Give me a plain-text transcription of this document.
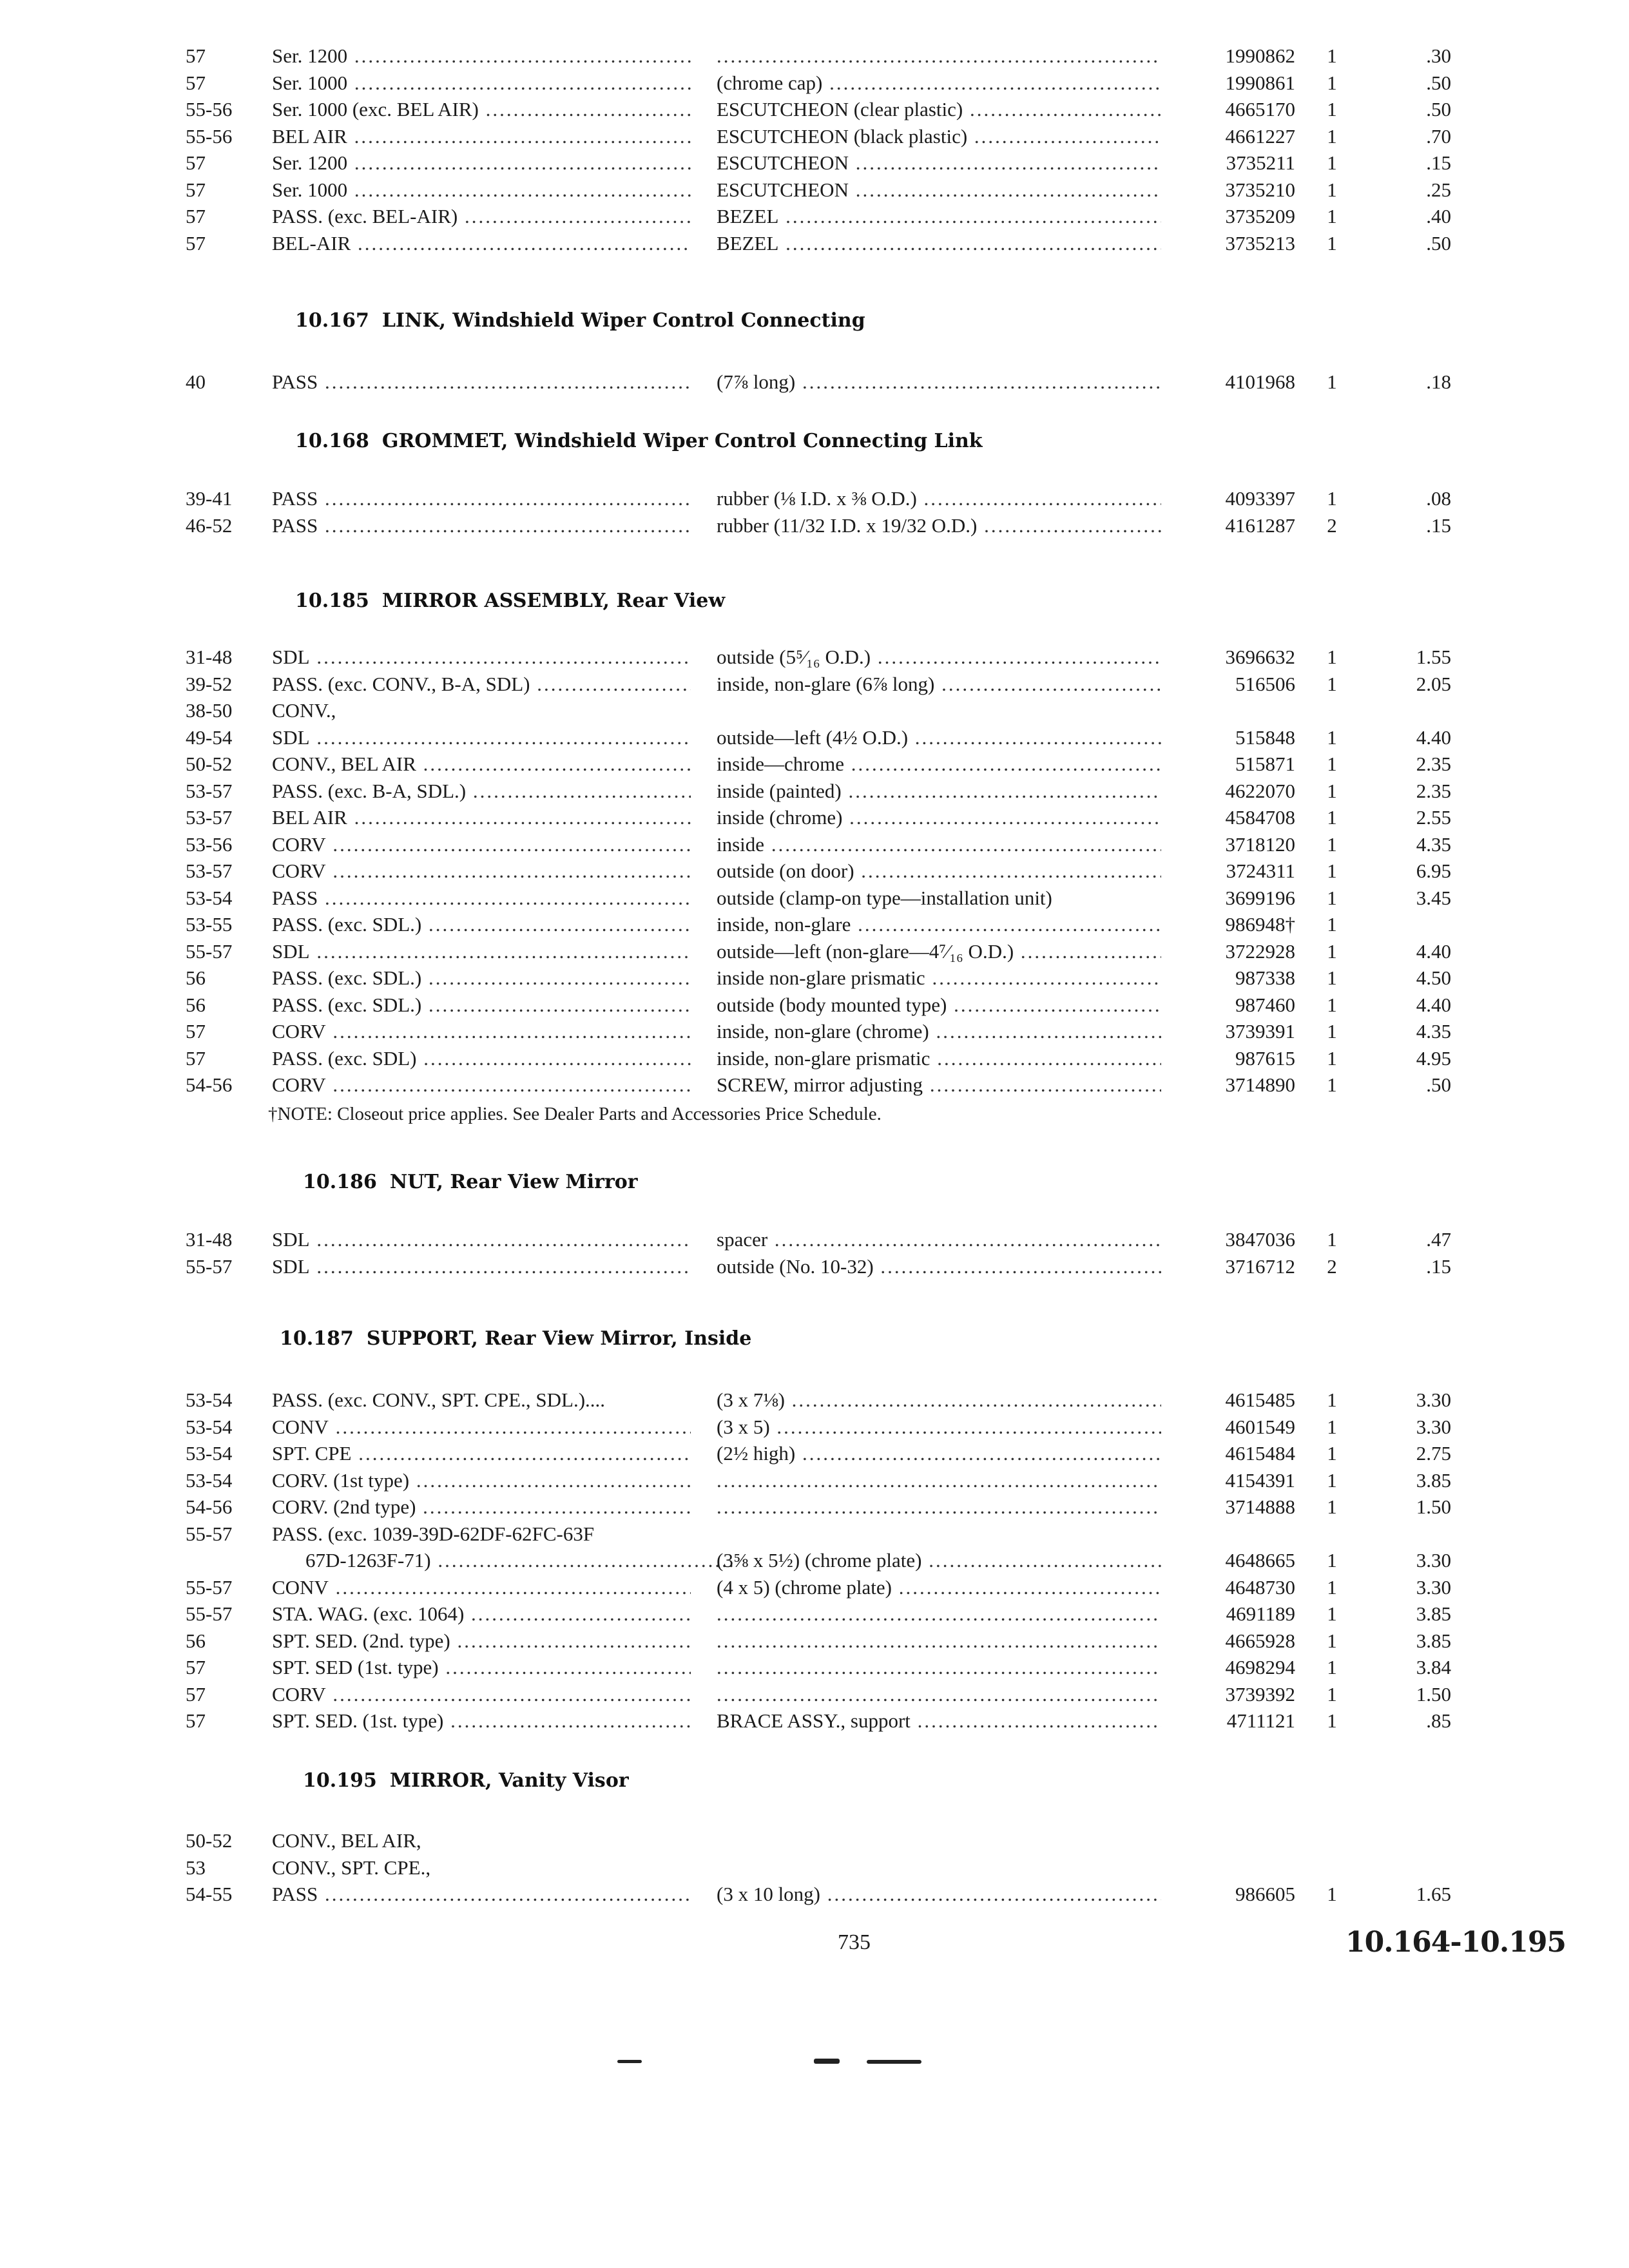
57	Ser. 1200 ..... .....	1990862	1	.30
57	Ser. 1000 .....	(chrome cap) .....	1990861	1	.50
55-56	Ser. 1000 (exc. BEL AIR) .....	ESCUTCHEON (clear plastic) .....	4665170	1	.50
55-56	BEL AIR .....	ESCUTCHEON (black plastic) .....	4661227	1	.70
57	Ser. 1200 .....	ESCUTCHEON .....	3735211	1	.15
57	Ser. 1000 .....	ESCUTCHEON .....	3735210	1	.25
57	PASS. (exc. BEL-AIR) .....	BEZEL .....	3735209	1	.40
57	BEL-AIR .....	BEZEL .....	3735213	1	.50
10.167 LINK, Windshield Wiper Control Connecting
40	PASS .....	(7⅞ long) .....	4101968	1	.18
10.168 GROMMET, Windshield Wiper Control Connecting Link
39-41	PASS .....	rubber (⅛ I.D. x ⅜ O.D.) .....	4093397	1	.08
46-52	PASS .....	rubber (11/32 I.D. x 19/32 O.D.) .....	4161287	2	.15
10.185 MIRROR ASSEMBLY, Rear View
31-48	SDL .....	outside (5⁵⁄₁₆ O.D.) .....	3696632	1	1.55
39-52	PASS. (exc. CONV., B-A, SDL) .....	inside, non-glare (6⅞ long) .....	516506	1	2.05
38-50	CONV.,
49-54	SDL .....	outside—left (4½ O.D.) .....	515848	1	4.40
50-52	CONV., BEL AIR .....	inside—chrome .....	515871	1	2.35
53-57	PASS. (exc. B-A, SDL.) .....	inside (painted) .....	4622070	1	2.35
53-57	BEL AIR .....	inside (chrome) .....	4584708	1	2.55
53-56	CORV .....	inside .....	3718120	1	4.35
53-57	CORV .....	outside (on door) .....	3724311	1	6.95
53-54	PASS .....	outside (clamp-on type—installation unit)	3699196	1	3.45
53-55	PASS. (exc. SDL.) .....	inside, non-glare .....	986948†	1
55-57	SDL .....	outside—left (non-glare—4⁷⁄₁₆ O.D.) .....	3722928	1	4.40
56	PASS. (exc. SDL.) .....	inside non-glare prismatic .....	987338	1	4.50
56	PASS. (exc. SDL.) .....	outside (body mounted type) .....	987460	1	4.40
57	CORV .....	inside, non-glare (chrome) .....	3739391	1	4.35
57	PASS. (exc. SDL) .....	inside, non-glare prismatic .....	987615	1	4.95
54-56	CORV .....	SCREW, mirror adjusting .....	3714890	1	.50
†NOTE: Closeout price applies. See Dealer Parts and Accessories Price Schedule.
10.186 NUT, Rear View Mirror
31-48	SDL .....	spacer .....	3847036	1	.47
55-57	SDL .....	outside (No. 10-32) .....	3716712	2	.15
10.187 SUPPORT, Rear View Mirror, Inside
53-54	PASS. (exc. CONV., SPT. CPE., SDL.)....	(3 x 7⅛) .....	4615485	1	3.30
53-54	CONV .....	(3 x 5) .....	4601549	1	3.30
53-54	SPT. CPE .....	(2½ high) .....	4615484	1	2.75
53-54	CORV. (1st type) ..... .....	4154391	1	3.85
54-56	CORV. (2nd type) ..... .....	3714888	1	1.50
55-57	PASS. (exc. 1039-39D-62DF-62FC-63F
67D-1263F-71) .....	(3⅝ x 5½) (chrome plate) .....	4648665	1	3.30
55-57	CONV .....	(4 x 5) (chrome plate) .....	4648730	1	3.30
55-57	STA. WAG. (exc. 1064) ..... .....	4691189	1	3.85
56	SPT. SED. (2nd. type) ..... .....	4665928	1	3.85
57	SPT. SED (1st. type) ..... .....	4698294	1	3.84
57	CORV ..... .....	3739392	1	1.50
57	SPT. SED. (1st. type) .....	BRACE ASSY., support .....	4711121	1	.85
10.195 MIRROR, Vanity Visor
50-52	CONV., BEL AIR,
53	CONV., SPT. CPE.,
54-55	PASS .....	(3 x 10 long) .....	986605	1	1.65
735	10.164-10.195
